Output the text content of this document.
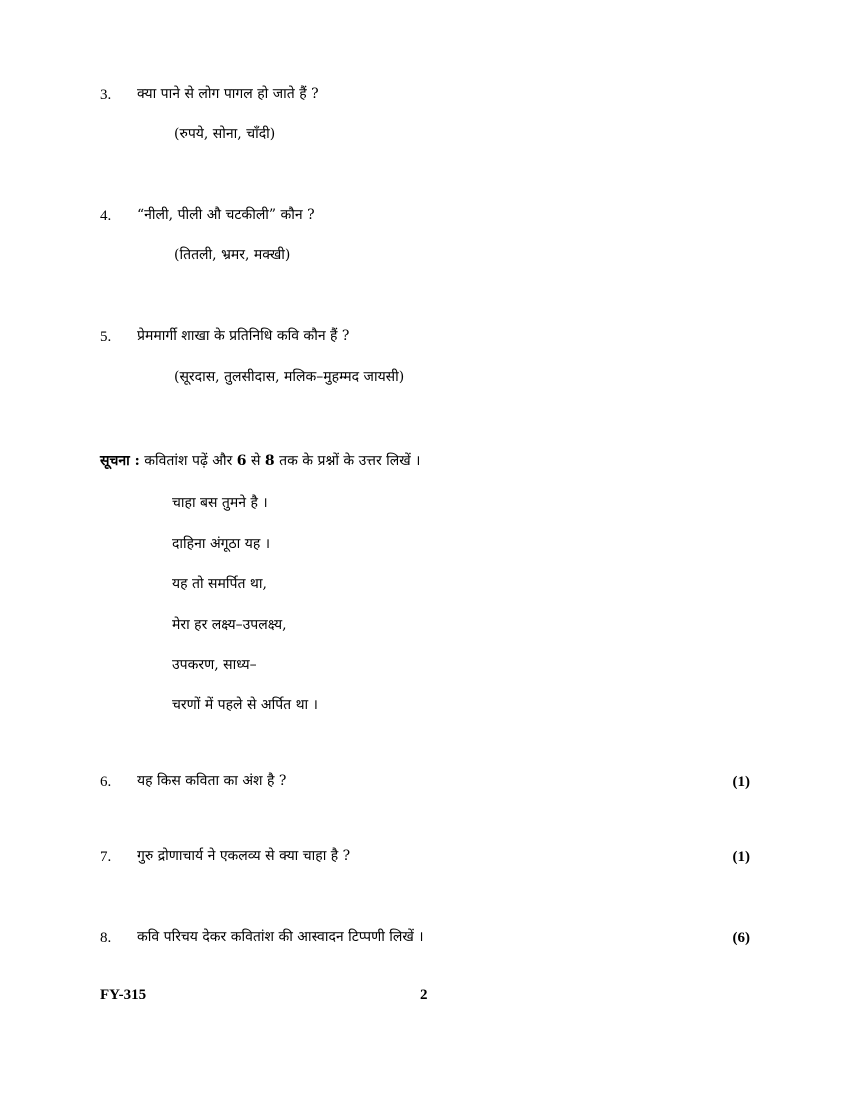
3. क्या पाने से लोग पागल हो जाते हैं ?
(रुपये, सोना, चाँदी)
4. “नीली, पीली औ चटकीली” कौन ?
(तितली, भ्रमर, मक्खी)
5. प्रेममार्गी शाखा के प्रतिनिधि कवि कौन हैं ?
(सूरदास, तुलसीदास, मलिक–मुहम्मद जायसी)
सूचना : कवितांश पढ़ें और 6 से 8 तक के प्रश्नों के उत्तर लिखें ।
चाहा बस तुमने है ।
दाहिना अंगूठा यह ।
यह तो समर्पित था,
मेरा हर लक्ष्य–उपलक्ष्य,
उपकरण, साध्य–
चरणों में पहले से अर्पित था ।
6. यह किस कविता का अंश है ?	(1)
7. गुरु द्रोणाचार्य ने एकलव्य से क्या चाहा है ?	(1)
8. कवि परिचय देकर कवितांश की आस्वादन टिप्पणी लिखें ।	(6)
FY-315	2
